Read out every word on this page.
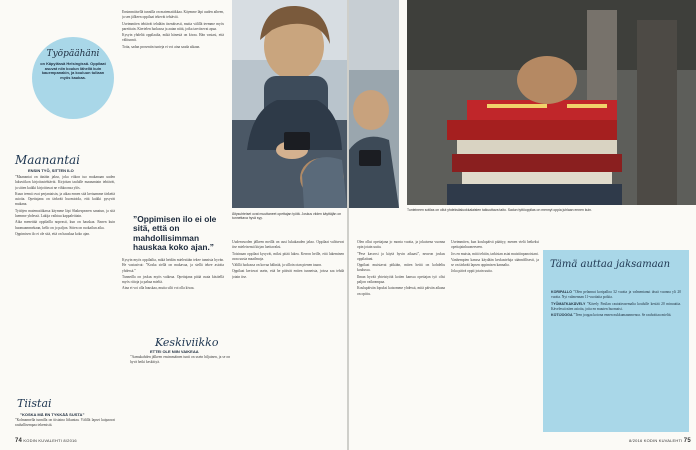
Työpäähäni
on Käpylässä Helsingissä. Oppilaat asuvat niin koulun lähellä kuin kauempanakin, ja kouluun tullaan myös kaukaa.
Maanantai
ENSIN TYÖ, SITTEN ILO

”Maanantai on tänään jakso, joka viikon tuo mukanaan uuden lukuviikon kirjoitustehtävät. Kirjoitan taululle maanantain tehtävät, ja sitten kaikki kirjoittavat ne vihkoonsa ylös.

Kuun teemä ovat perjantaisin, ja aikaa ennen sitä kertaamme tärkeitä asioita. Opettajana on tärkeää huomioida, että kaikki pysyvät mukana.

Tyttöjen matematiikassa käymme läpi Shakespearen sanatun, ja sitä luemme yhdessä. Lukija vaihtuu kappaleittain.

Aika menettää oppilailla nopeasti, kun on hauskaa. Ennen kuin huomaammekaan, kello on jo paljon. Sitten on ruokailun aika.

Oppimisen ilo ei ole sitä, että on hauskaa koko ajan.

Tiistai
”KOSKA MÄ EN TYKKÄÄ SUSTA”

”Kolmannella tunnilla on tiistaina liikuntaa. Välillä lapset kaipaavat rauhallisempaa tekemistä.

Ensimmäisellä tunnilla on matematiikkaa. Käymme läpi uuden aiheen, ja sen jälkeen oppilaat tekevät tehtäviä.

Useimmiten tehtävät tehdään itsenäisesti, mutta välillä teemme myös pareittain. Kiertelen luokassa ja autan niitä, jotka tarvitsevat apua.

Kysyin yhdeltä oppilaalta, mikä hänestä on kivaa. Hän vastasi, että välitunnit.

Totta, sadan prosentin tunteja ei voi aina saada aikaan.

”Oppimisen ilo ei ole sitä, että on mahdollisimman hauskaa koko ajan.”

Kysyin myös oppilailta, mikä heidän mielestään tekee tunnista hyvän. He vastasivat: ”Koska siellä on mukavaa, ja siellä tekee asioita yhdessä.”

Tunneilla on joskus myös vaikeaa. Opettajana pitää osata käsitellä myös riitoja ja pahaa mieltä.

Aina ei voi olla hauskaa, mutta silti voi olla kivaa.

Keskiviikko
ETTEI OLE NIIN VAIKEAA

”Aamukahden jälkeen ensimmäinen tunti on usein hiljainen, ja se on hyvä hetki keskittyä.

Äitysuhteiset ovat muuttaneet opettajan työtä. Joskus viiden käyttäjän on tunnettava hyvä syy.

Uudenvuoden jälkeen meillä on uusi lukukauden jakso. Oppilaat valitsevat itse mieleisensä kirjan luettavaksi.

Toisinaan oppilaat kysyvät, miksi pitää lukea. Kerron heille, että lukeminen avaa uusia maailmoja.

Välillä luokassa on kovaa hälinää, ja silloin otan pienen tauon.

Oppilaat kertovat usein, että he pitävät eniten tunneista, joissa saa tehdä jotain itse.

74 KODIN KUVALEHTI 8/2016
Tunteineen sotilas on ollut yhdeksäsluokkalaisten taikuuttava taito. Sadun tyttöoppilas on mennyt oppia juhlaan ennen kuin.

Olen ollut opettajana jo monta vuotta, ja jokaisena vuonna opin jotain uutta.

”Pese kasvosi ja käytä hyvin aikaasi”, neuvon joskus oppilaitani.

Oppilaat muistavat pitkään, miten heitä on kohdeltu koulussa.

Ilman hyvää yhteistyötä kotien kanssa opettajan työ olisi paljon vaikeampaa.

Koulupäivän lopuksi katsomme yhdessä, mitä päivän aikana on opittu.

Useimmiten, kun koulupäivä päättyy, menen vielä hetkeksi opettajainhuoneeseen.

Jos en muista, mitä tehtiin, tarkistan asiat muistiinpanoistani.

Vanhempien kanssa käydään keskusteluja säännöllisesti, ja se on tärkeää lapsen oppimisen kannalta.

Joka päivä oppii jotain uutta.

8/2016 KODIN KUVALEHTI 75

KORIPALLO ”Olen pelannut koripalloa 32 vuotta ja valmentanut tässä vuonna yli 20 vuotta. Nyt valmennan 11-vuotiaita poikia.

TYÖMATKAKÄVELY ”Kävely Pasilan rautatieasemalta koululle kestää 20 minuuttia. Kävelessä näen asioita, joita en muuten huomaisi.

KOTIJOOGA ”Teen joogaa kotona ennen nukkumaanmenoa. Se rauhoittaa mieltä.

Tämä auttaa jaksamaan
